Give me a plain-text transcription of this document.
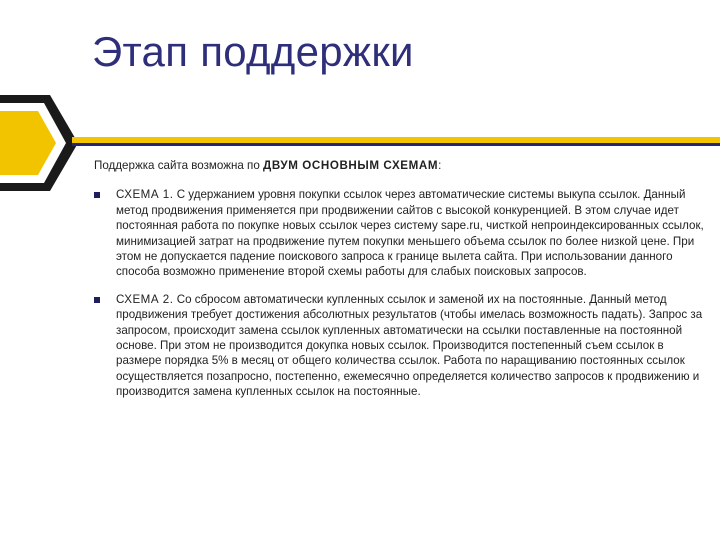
Этап поддержки

Поддержка сайта возможна по ДВУМ ОСНОВНЫМ СХЕМАМ:

СХЕМА 1. С удержанием уровня покупки ссылок через автоматические системы выкупа ссылок. Данный метод продвижения применяется при продвижении сайтов с высокой конкуренцией. В этом случае идет постоянная работа по покупке новых ссылок через систему sape.ru, чисткой непроиндексированных ссылок, минимизацией затрат на продвижение путем покупки меньшего объема ссылок по более низкой цене. При этом не допускается падение поискового запроса к границе вылета сайта. При использовании данного способа возможно применение второй схемы работы для слабых поисковых запросов.
СХЕМА 2. Со сбросом автоматически купленных ссылок и заменой их на постоянные. Данный метод продвижения требует достижения абсолютных результатов (чтобы имелась возможность падать). Запрос за запросом, происходит замена ссылок купленных автоматически на ссылки поставленные на постоянной основе. При этом не производится докупка новых ссылок. Производится постепенный съем ссылок в размере порядка 5% в месяц от общего количества ссылок. Работа по наращиванию постоянных ссылок осуществляется позапросно, постепенно, ежемесячно определяется количество запросов к продвижению и производится замена купленных ссылок на постоянные.
